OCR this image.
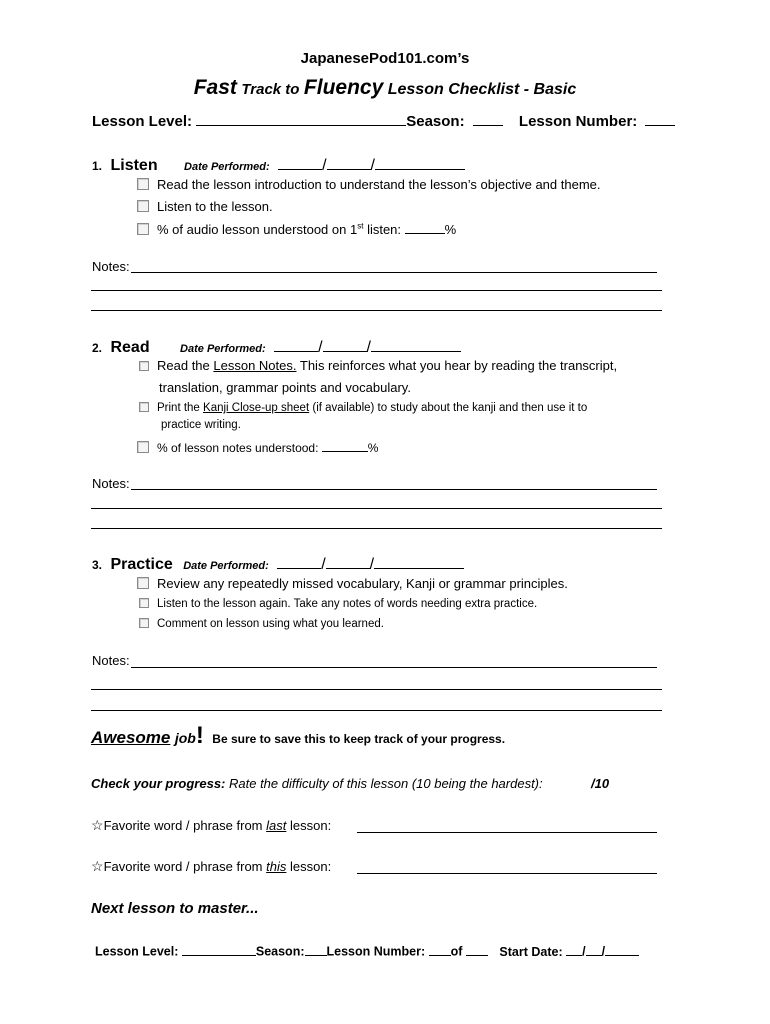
JapanesePod101.com’s
Fast Track to Fluency Lesson Checklist - Basic
Lesson Level:	Season:	Lesson Number:
1. Listen Date Performed:	/	/
Read the lesson introduction to understand the lesson’s objective and theme.
Listen to the lesson.
% of audio lesson understood on 1st listen:	%
Notes:
2. Read	Date Performed:	/	/
Read the Lesson Notes. This reinforces what you hear by reading the transcript,
translation, grammar points and vocabulary.
Print the Kanji Close-up sheet (if available) to study about the kanji and then use it to
practice writing.
% of lesson notes understood:	%
Notes:
3. Practice Date Performed:	/	/
Review any repeatedly missed vocabulary, Kanji or grammar principles.
Listen to the lesson again. Take any notes of words needing extra practice.
Comment on lesson using what you learned.
Notes:
Awesome job! Be sure to save this to keep track of your progress.
Check your progress: Rate the difficulty of this lesson (10 being the hardest):	/10
☆Favorite word / phrase from last lesson:
☆Favorite word / phrase from this lesson:
Next lesson to master...
Lesson Level:	Season: Lesson Number: of	Start Date: / /
